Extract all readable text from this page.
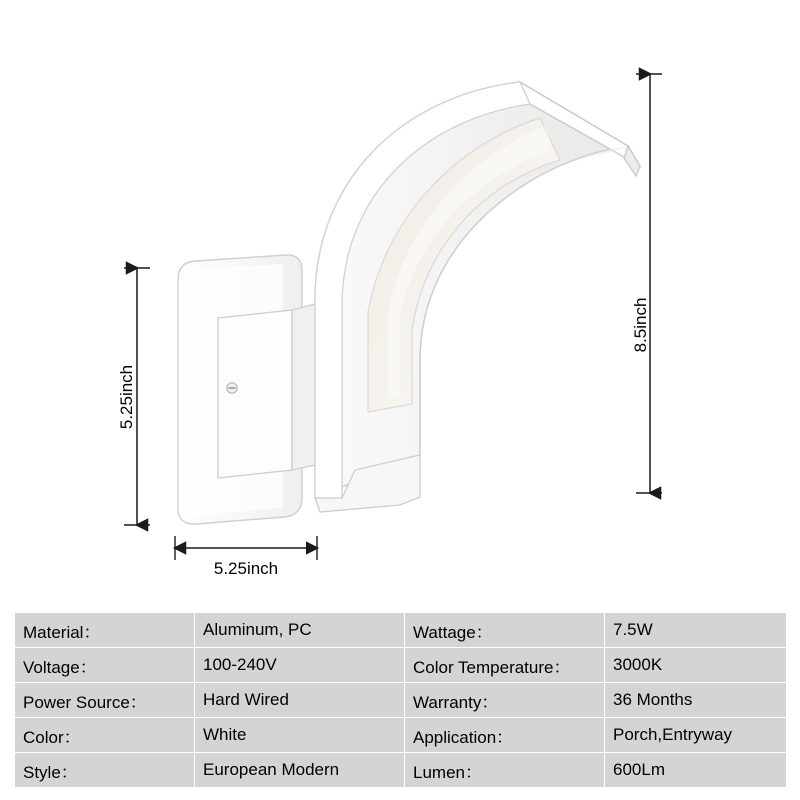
8.5inch
5.25inch
5.25inch
Material：	Aluminum, PC	Wattage：	7.5W
Voltage：	100-240V	Color Temperature：	3000K
Power Source：	Hard Wired	Warranty：	36 Months
Color：	White	Application：	Porch,Entryway
Style：	European Modern	Lumen：	600Lm
